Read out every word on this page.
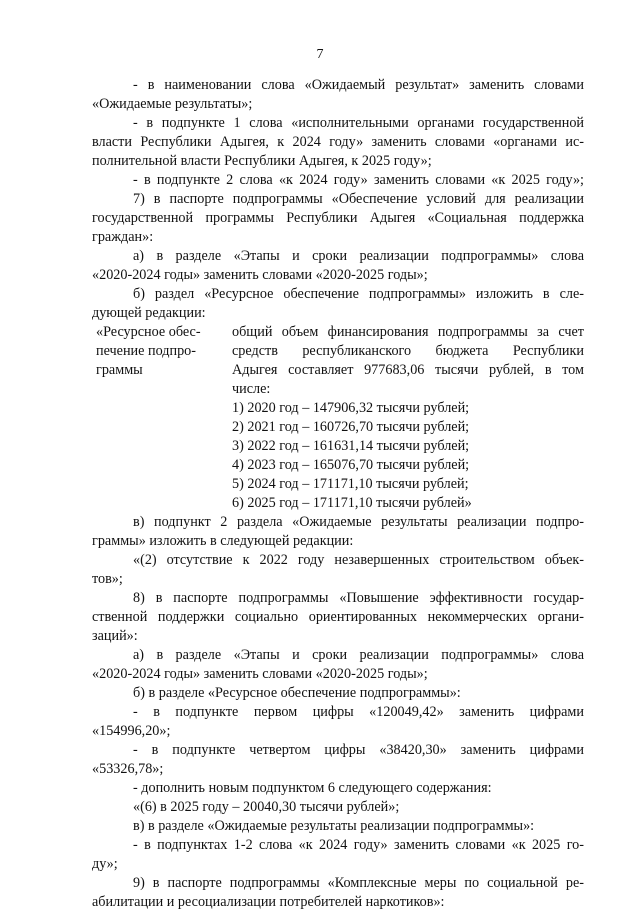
7
- в наименовании слова «Ожидаемый результат» заменить словами
«Ожидаемые результаты»;
- в подпункте 1 слова «исполнительными органами государственной
власти Республики Адыгея, к 2024 году» заменить словами «органами ис-
полнительной власти Республики Адыгея, к 2025 году»;
- в подпункте 2 слова «к 2024 году» заменить словами «к 2025 году»;
7) в паспорте подпрограммы «Обеспечение условий для реализации
государственной программы Республики Адыгея «Социальная поддержка
граждан»:
а) в разделе «Этапы и сроки реализации подпрограммы» слова
«2020-2024 годы» заменить словами «2020-2025 годы»;
б) раздел «Ресурсное обеспечение подпрограммы» изложить в сле-
дующей редакции:
«Ресурсное обес-
печение подпро-
граммы
общий объем финансирования подпрограммы за счет
средств республиканского бюджета Республики
Адыгея составляет 977683,06 тысячи рублей, в том
числе:
1) 2020 год – 147906,32 тысячи рублей;
2) 2021 год – 160726,70 тысячи рублей;
3) 2022 год – 161631,14 тысячи рублей;
4) 2023 год – 165076,70 тысячи рублей;
5) 2024 год – 171171,10 тысячи рублей;
6) 2025 год – 171171,10 тысячи рублей»
в) подпункт 2 раздела «Ожидаемые результаты реализации подпро-
граммы» изложить в следующей редакции:
«(2) отсутствие к 2022 году незавершенных строительством объек-
тов»;
8) в паспорте подпрограммы «Повышение эффективности государ-
ственной поддержки социально ориентированных некоммерческих органи-
заций»:
а) в разделе «Этапы и сроки реализации подпрограммы» слова
«2020-2024 годы» заменить словами «2020-2025 годы»;
б) в разделе «Ресурсное обеспечение подпрограммы»:
- в подпункте первом цифры «120049,42» заменить цифрами
«154996,20»;
- в подпункте четвертом цифры «38420,30» заменить цифрами
«53326,78»;
- дополнить новым подпунктом 6 следующего содержания:
«(6) в 2025 году – 20040,30 тысячи рублей»;
в) в разделе «Ожидаемые результаты реализации подпрограммы»:
- в подпунктах 1-2 слова «к 2024 году» заменить словами «к 2025 го-
ду»;
9) в паспорте подпрограммы «Комплексные меры по социальной ре-
абилитации и ресоциализации потребителей наркотиков»:
